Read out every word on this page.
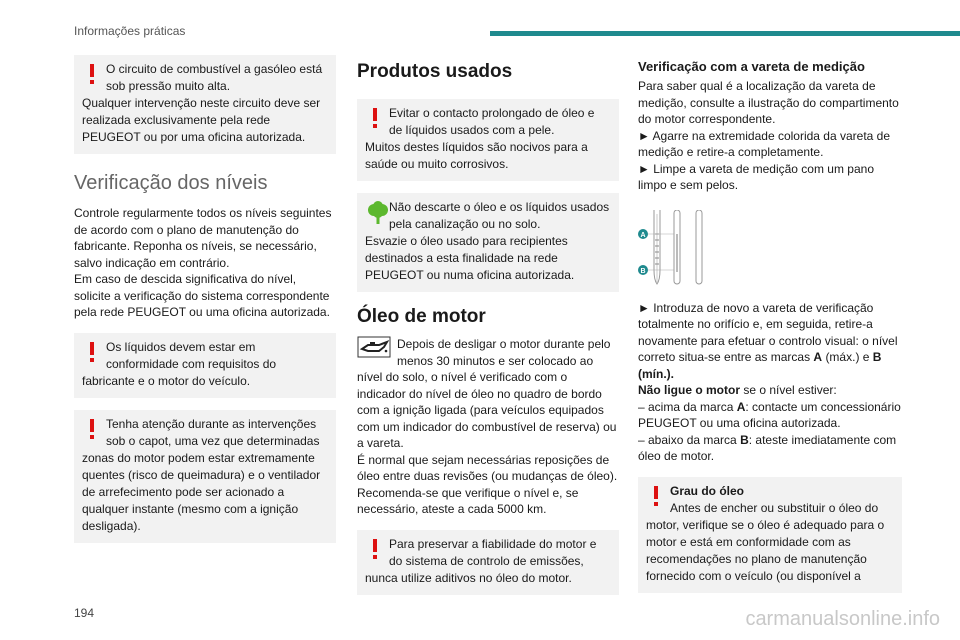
Informações práticas

O circuito de combustível a gasóleo está sob pressão muito alta.

Qualquer intervenção neste circuito deve ser realizada exclusivamente pela rede PEUGEOT ou por uma oficina autorizada.

Verificação dos níveis

Controle regularmente todos os níveis seguintes de acordo com o plano de manutenção do fabricante. Reponha os níveis, se necessário, salvo indicação em contrário.

Em caso de descida significativa do nível, solicite a verificação do sistema correspondente pela rede PEUGEOT ou uma oficina autorizada.

Os líquidos devem estar em conformidade com requisitos do

fabricante e o motor do veículo.

Tenha atenção durante as intervenções sob o capot, uma vez que determinadas

zonas do motor podem estar extremamente quentes (risco de queimadura) e o ventilador de arrefecimento pode ser acionado a qualquer instante (mesmo com a ignição desligada).

Produtos usados

Evitar o contacto prolongado de óleo e de líquidos usados com a pele.

Muitos destes líquidos são nocivos para a saúde ou muito corrosivos.

Não descarte o óleo e os líquidos usados pela canalização ou no solo.

Esvazie o óleo usado para recipientes destinados a esta finalidade na rede PEUGEOT ou numa oficina autorizada.

Óleo de motor

Depois de desligar o motor durante pelo menos 30 minutos e ser colocado ao

nível do solo, o nível é verificado com o indicador do nível de óleo no quadro de bordo com a ignição ligada (para veículos equipados com um indicador do combustível de reserva) ou a vareta.

É normal que sejam necessárias reposições de óleo entre duas revisões (ou mudanças de óleo). Recomenda-se que verifique o nível e, se necessário, ateste a cada 5000 km.

Para preservar a fiabilidade do motor e do sistema de controlo de emissões,

nunca utilize aditivos no óleo do motor.

Verificação com a vareta de medição

Para saber qual é a localização da vareta de medição, consulte a ilustração do compartimento do motor correspondente.

► Agarre na extremidade colorida da vareta de medição e retire-a completamente.

► Limpe a vareta de medição com um pano limpo e sem pelos.

A
B

► Introduza de novo a vareta de verificação totalmente no orifício e, em seguida, retire-a novamente para efetuar o controlo visual: o nível correto situa-se entre as marcas A (máx.) e B (mín.).

Não ligue o motor se o nível estiver:

– acima da marca A: contacte um concessionário PEUGEOT ou uma oficina autorizada.

– abaixo da marca B: ateste imediatamente com óleo de motor.

Grau do óleo

Antes de encher ou substituir o óleo do

motor, verifique se o óleo é adequado para o motor e está em conformidade com as recomendações no plano de manutenção fornecido com o veículo (ou disponível a

194	carmanualsonline.info
